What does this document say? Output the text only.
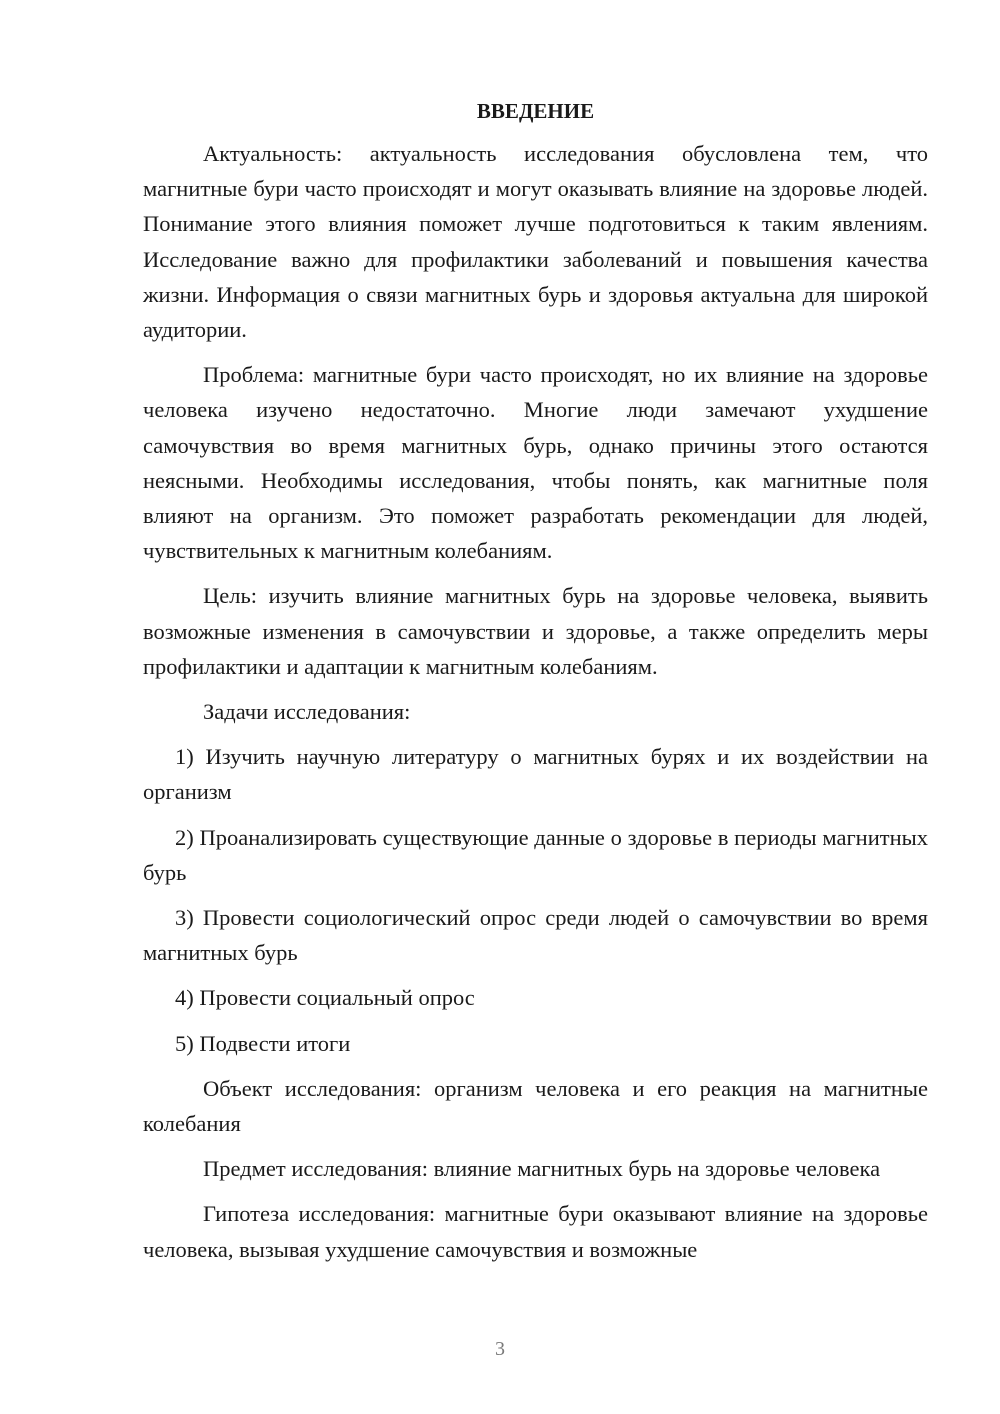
ВВЕДЕНИЕ

Актуальность: актуальность исследования обусловлена тем, что магнитные бури часто происходят и могут оказывать влияние на здоровье людей. Понимание этого влияния поможет лучше подготовиться к таким явлениям. Исследование важно для профилактики заболеваний и повышения качества жизни. Информация о связи магнитных бурь и здоровья актуальна для широкой аудитории.

Проблема: магнитные бури часто происходят, но их влияние на здоровье человека изучено недостаточно. Многие люди замечают ухудшение самочувствия во время магнитных бурь, однако причины этого остаются неясными. Необходимы исследования, чтобы понять, как магнитные поля влияют на организм. Это поможет разработать рекомендации для людей, чувствительных к магнитным колебаниям.

Цель: изучить влияние магнитных бурь на здоровье человека, выявить возможные изменения в самочувствии и здоровье, а также определить меры профилактики и адаптации к магнитным колебаниям.

Задачи исследования:

1) Изучить научную литературу о магнитных бурях и их воздействии на организм

2) Проанализировать существующие данные о здоровье в периоды магнитных бурь

3) Провести социологический опрос среди людей о самочувствии во время магнитных бурь

4) Провести социальный опрос

5) Подвести итоги

Объект исследования: организм человека и его реакция на магнитные колебания

Предмет исследования: влияние магнитных бурь на здоровье человека

Гипотеза исследования: магнитные бури оказывают влияние на здоровье человека, вызывая ухудшение самочувствия и возможные

3
